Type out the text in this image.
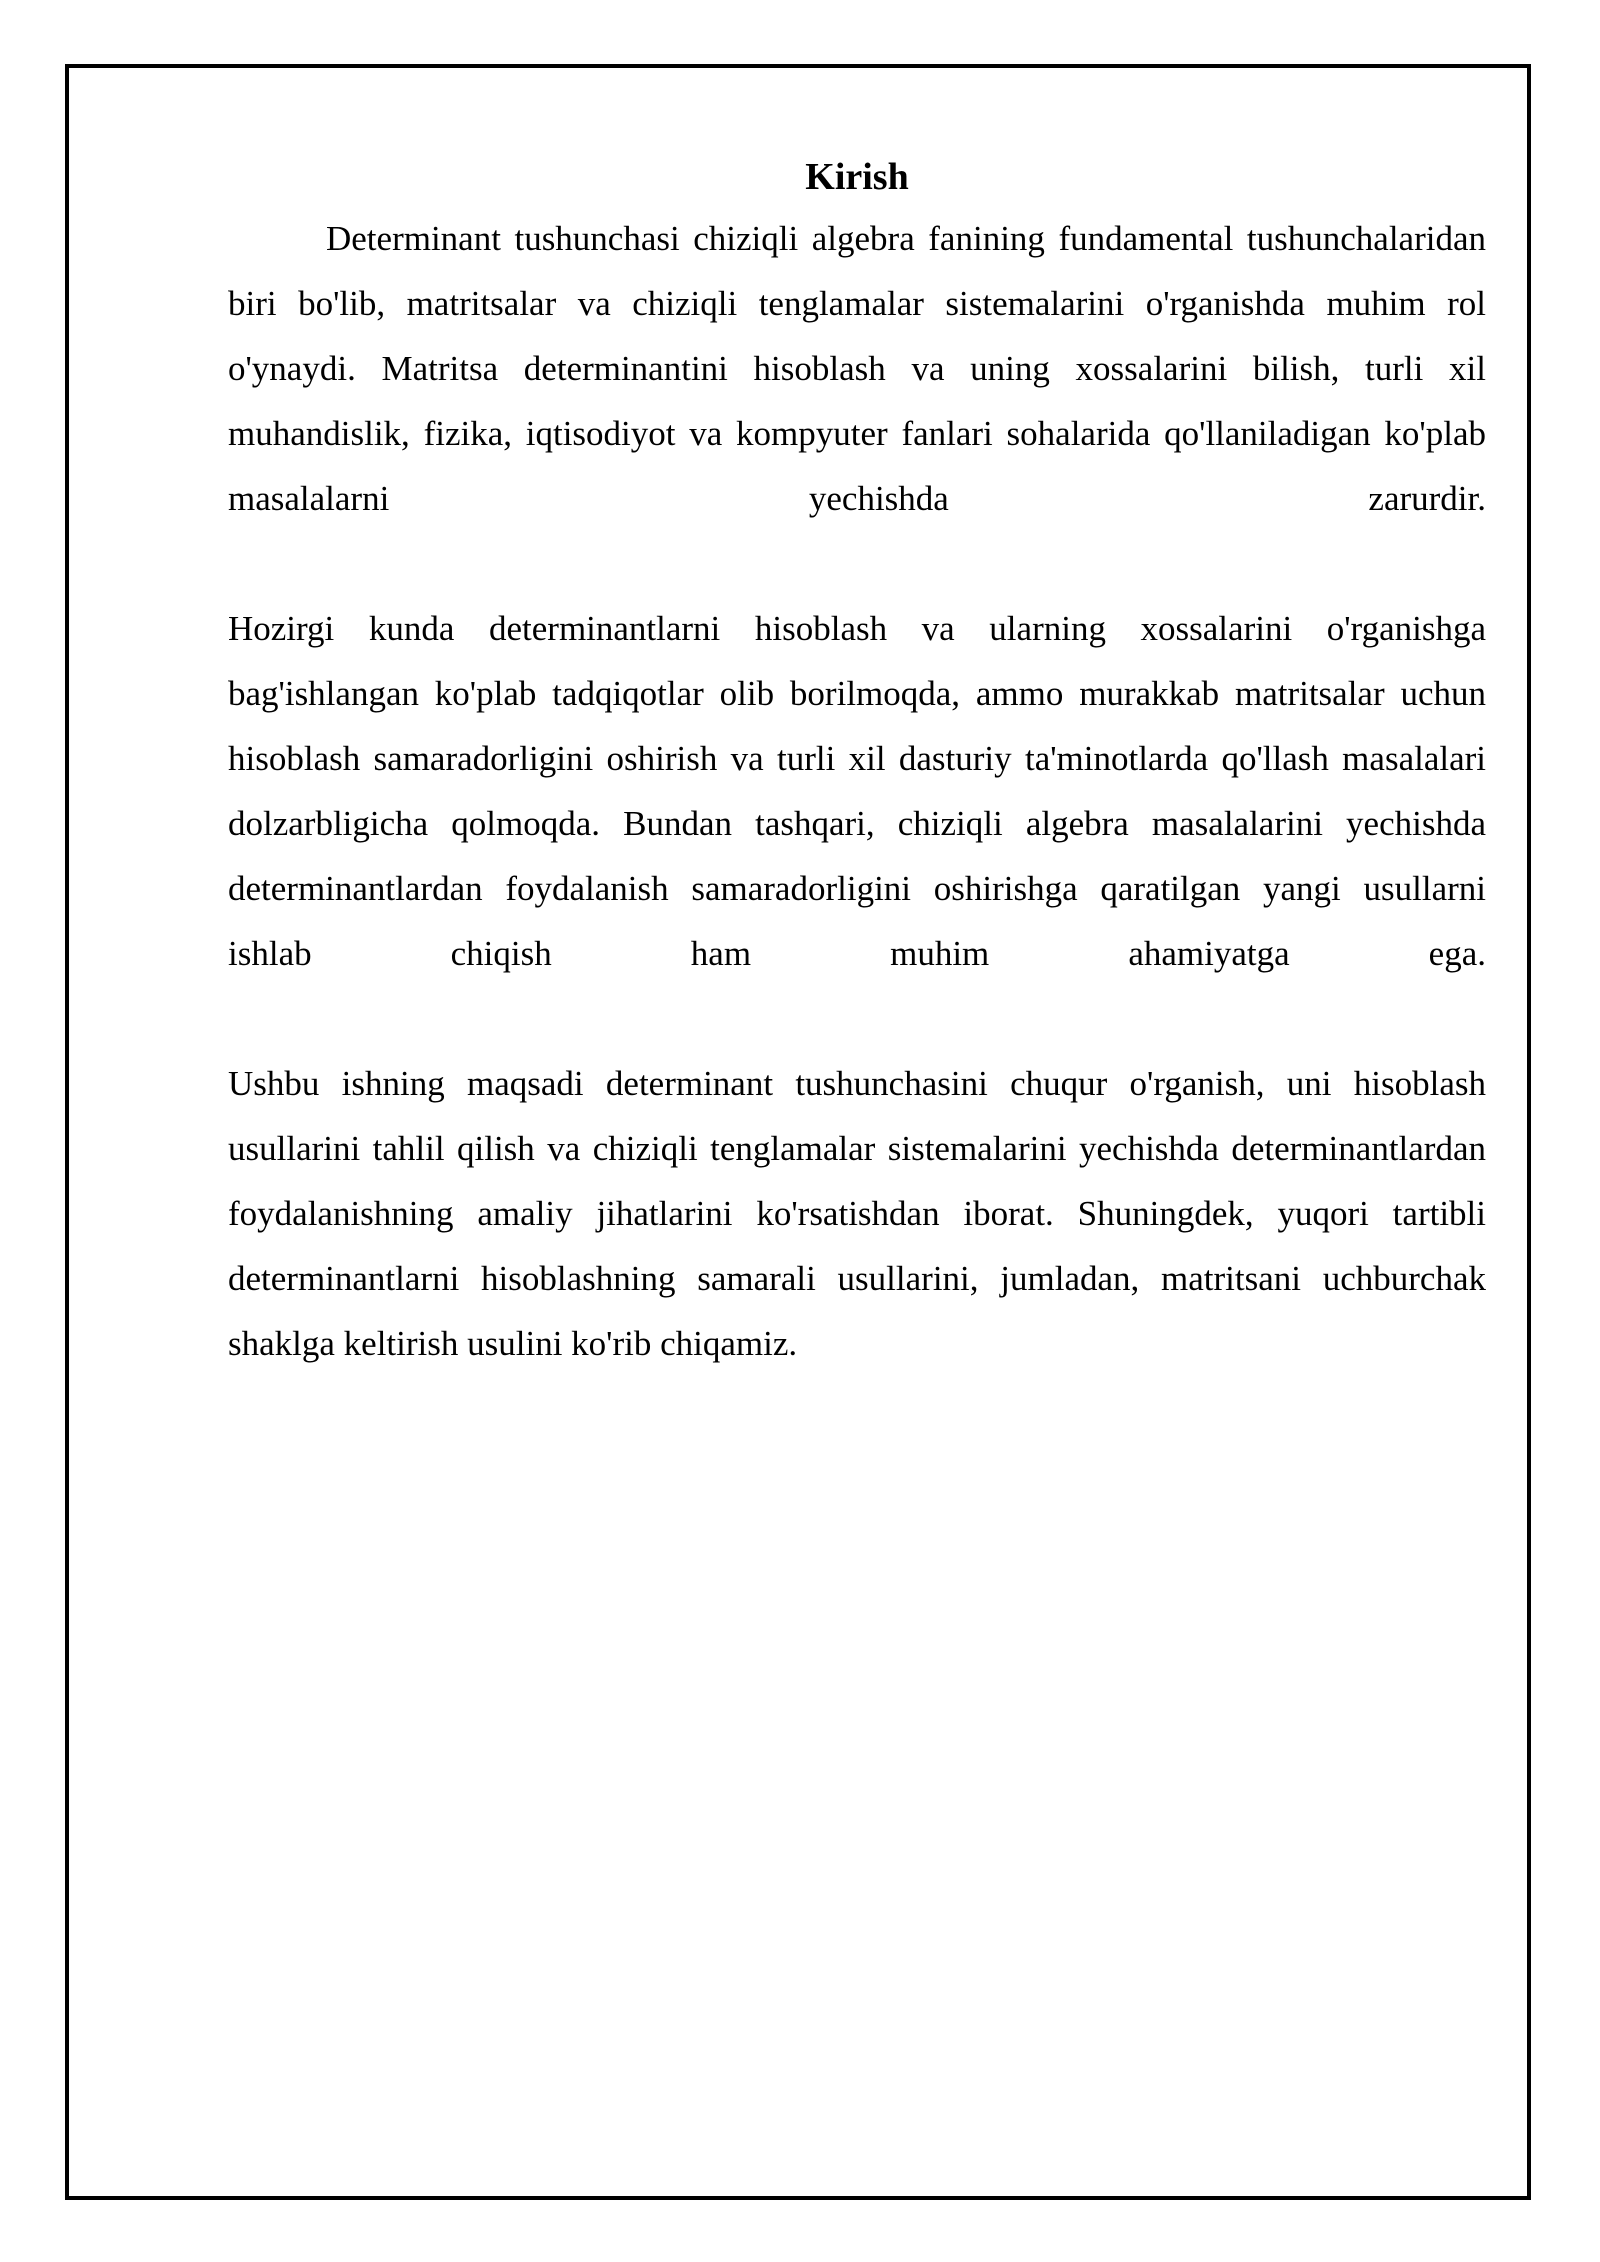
Kirish

Determinant tushunchasi chiziqli algebra fanining fundamental tushunchalaridan biri bo'lib, matritsalar va chiziqli tenglamalar sistemalarini o'rganishda muhim rol o'ynaydi. Matritsa determinantini hisoblash va uning xossalarini bilish, turli xil muhandislik, fizika, iqtisodiyot va kompyuter fanlari sohalarida qo'llaniladigan ko'plab masalalarni yechishda zarurdir.

Hozirgi kunda determinantlarni hisoblash va ularning xossalarini o'rganishga bag'ishlangan ko'plab tadqiqotlar olib borilmoqda, ammo murakkab matritsalar uchun hisoblash samaradorligini oshirish va turli xil dasturiy ta'minotlarda qo'llash masalalari dolzarbligicha qolmoqda. Bundan tashqari, chiziqli algebra masalalarini yechishda determinantlardan foydalanish samaradorligini oshirishga qaratilgan yangi usullarni ishlab chiqish ham muhim ahamiyatga ega.

Ushbu ishning maqsadi determinant tushunchasini chuqur o'rganish, uni hisoblash usullarini tahlil qilish va chiziqli tenglamalar sistemalarini yechishda determinantlardan foydalanishning amaliy jihatlarini ko'rsatishdan iborat. Shuningdek, yuqori tartibli determinantlarni hisoblashning samarali usullarini, jumladan, matritsani uchburchak shaklga keltirish usulini ko'rib chiqamiz.
